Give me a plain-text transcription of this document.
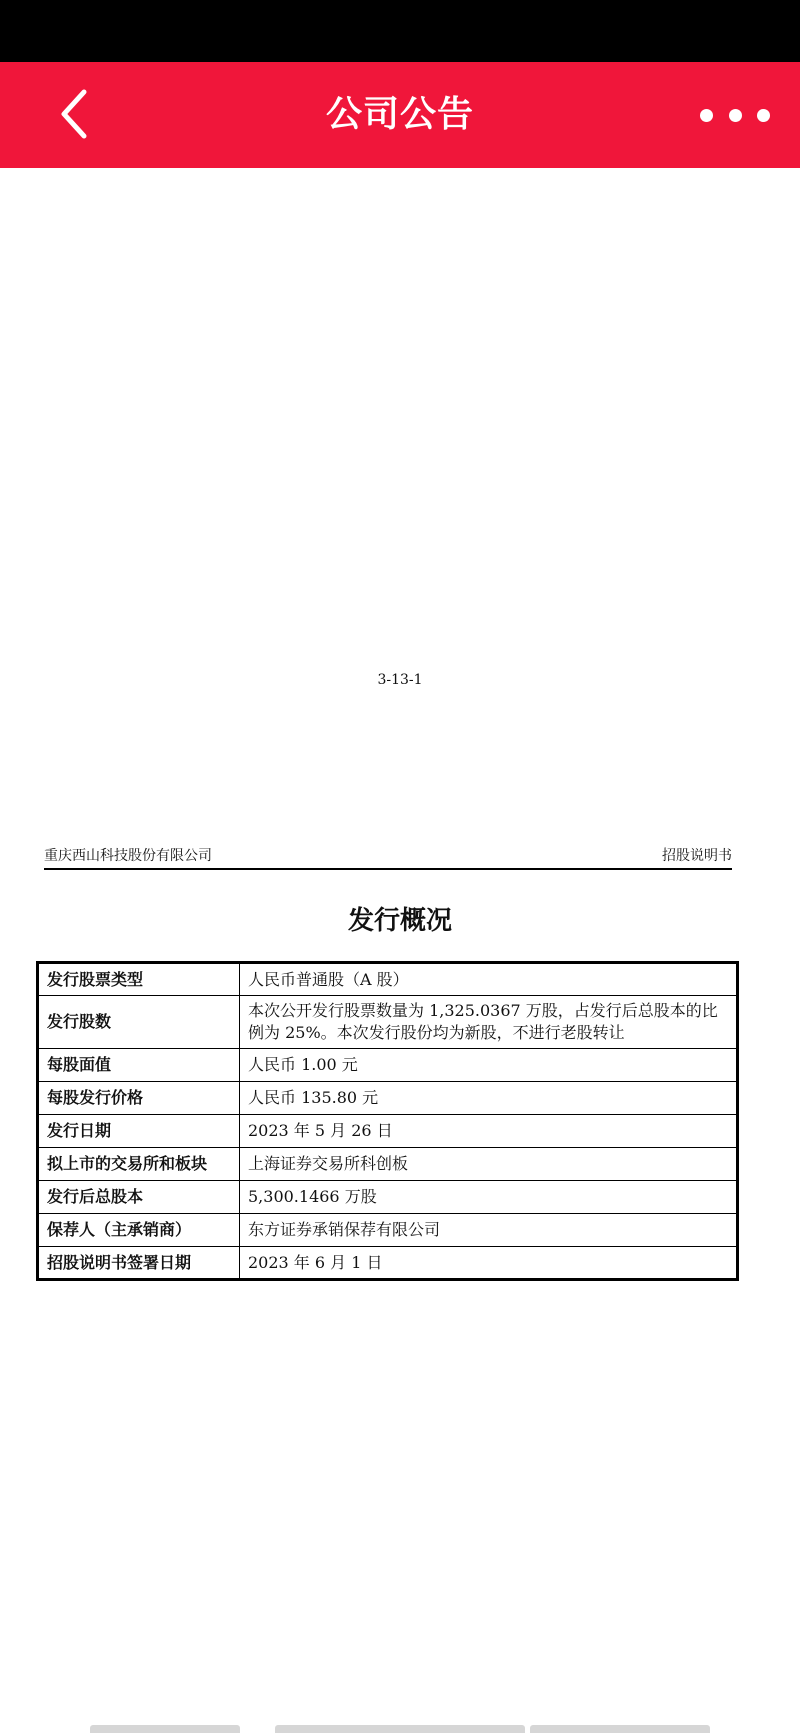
公司公告
3-13-1
重庆西山科技股份有限公司	招股说明书
发行概况
发行股票类型	人民币普通股（A 股）
发行股数	本次公开发行股票数量为 1,325.0367 万股，占发行后总股本的比例为 25%。本次发行股份均为新股，不进行老股转让
每股面值	人民币 1.00 元
每股发行价格	人民币 135.80 元
发行日期	2023 年 5 月 26 日
拟上市的交易所和板块	上海证券交易所科创板
发行后总股本	5,300.1466 万股
保荐人（主承销商）	东方证券承销保荐有限公司
招股说明书签署日期	2023 年 6 月 1 日
